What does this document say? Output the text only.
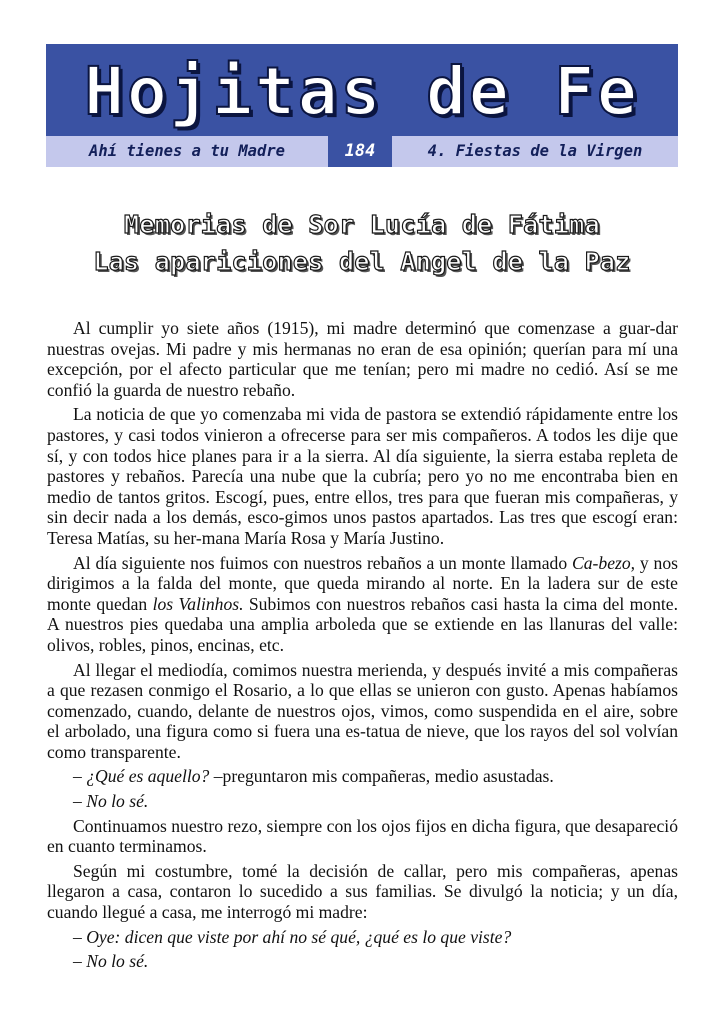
Hojitas de Fe
Ahí tienes a tu Madre	184	4. Fiestas de la Virgen
Memorias de Sor Lucía de Fátima
Las apariciones del Angel de la Paz

Al cumplir yo siete años (1915), mi madre determinó que comenzase a guar-dar nuestras ovejas. Mi padre y mis hermanas no eran de esa opinión; querían para mí una excepción, por el afecto particular que me tenían; pero mi madre no cedió. Así se me confió la guarda de nuestro rebaño.

La noticia de que yo comenzaba mi vida de pastora se extendió rápidamente entre los pastores, y casi todos vinieron a ofrecerse para ser mis compañeros. A todos les dije que sí, y con todos hice planes para ir a la sierra. Al día siguiente, la sierra estaba repleta de pastores y rebaños. Parecía una nube que la cubría; pero yo no me encontraba bien en medio de tantos gritos. Escogí, pues, entre ellos, tres para que fueran mis compañeras, y sin decir nada a los demás, esco-gimos unos pastos apartados. Las tres que escogí eran: Teresa Matías, su her-mana María Rosa y María Justino.

Al día siguiente nos fuimos con nuestros rebaños a un monte llamado Ca-bezo, y nos dirigimos a la falda del monte, que queda mirando al norte. En la ladera sur de este monte quedan los Valinhos. Subimos con nuestros rebaños casi hasta la cima del monte. A nuestros pies quedaba una amplia arboleda que se extiende en las llanuras del valle: olivos, robles, pinos, encinas, etc.

Al llegar el mediodía, comimos nuestra merienda, y después invité a mis compañeras a que rezasen conmigo el Rosario, a lo que ellas se unieron con gusto. Apenas habíamos comenzado, cuando, delante de nuestros ojos, vimos, como suspendida en el aire, sobre el arbolado, una figura como si fuera una es-tatua de nieve, que los rayos del sol volvían como transparente.

– ¿Qué es aquello? –preguntaron mis compañeras, medio asustadas.

– No lo sé.

Continuamos nuestro rezo, siempre con los ojos fijos en dicha figura, que desapareció en cuanto terminamos.

Según mi costumbre, tomé la decisión de callar, pero mis compañeras, apenas llegaron a casa, contaron lo sucedido a sus familias. Se divulgó la noticia; y un día, cuando llegué a casa, me interrogó mi madre:

– Oye: dicen que viste por ahí no sé qué, ¿qué es lo que viste?

– No lo sé.
